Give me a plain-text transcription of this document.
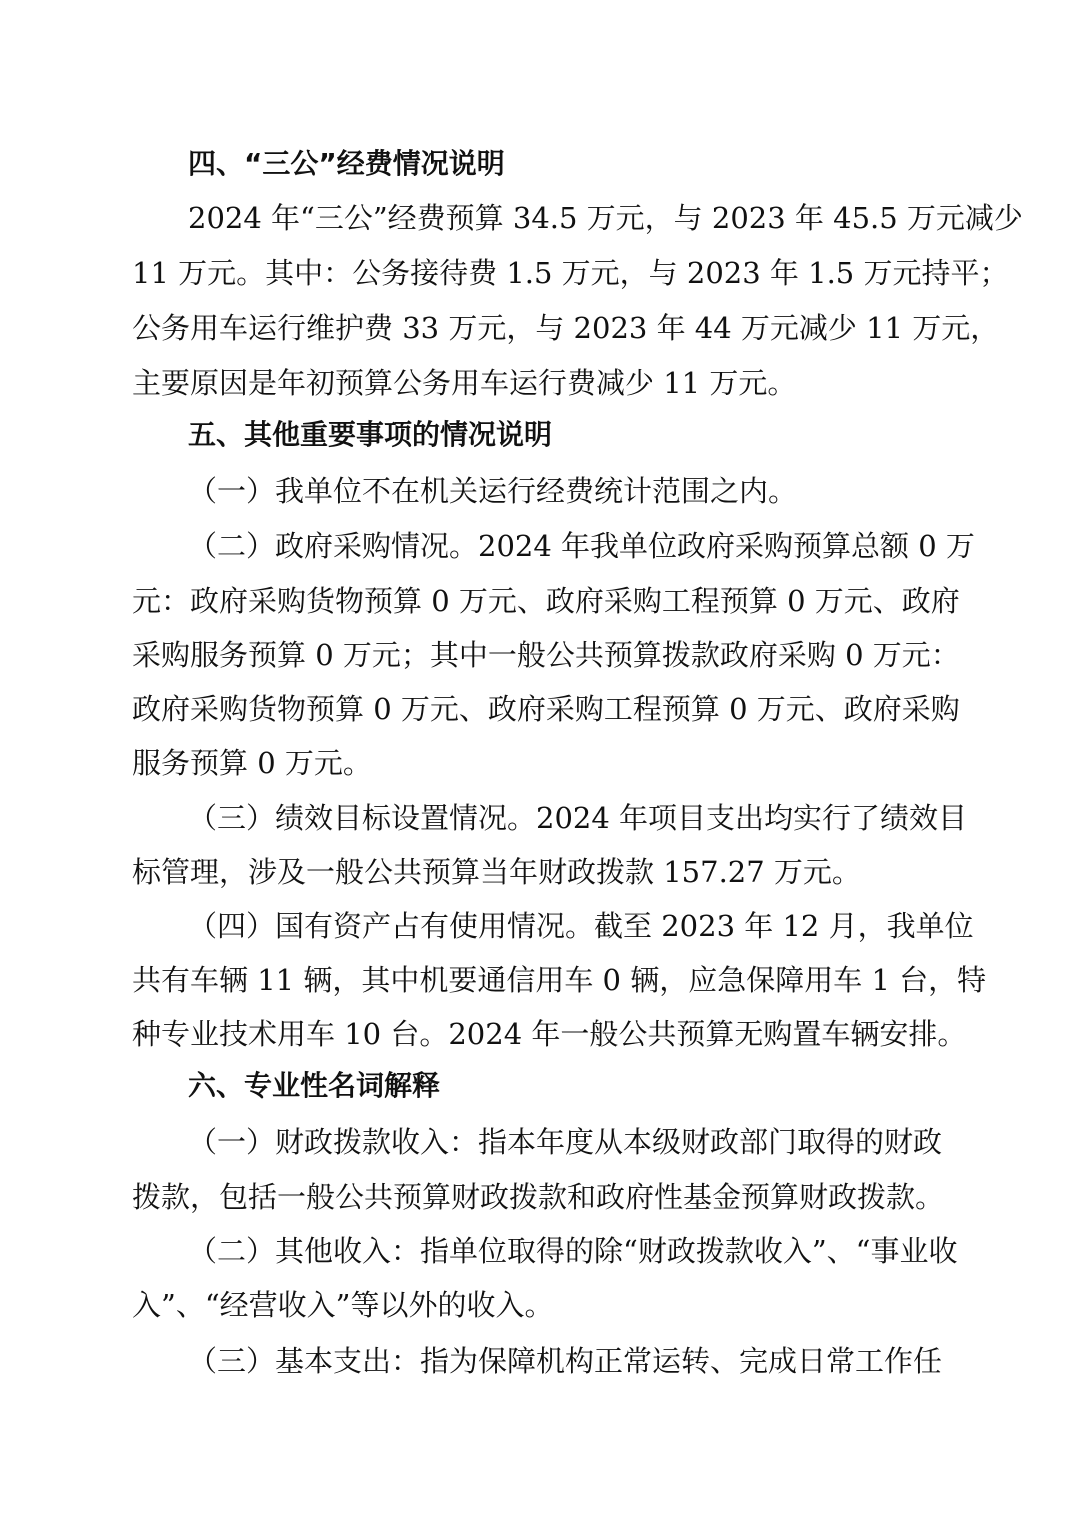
四、“三公”经费情况说明
2024 年“三公”经费预算 34.5 万元，与 2023 年 45.5 万元减少
11 万元。其中：公务接待费 1.5 万元，与 2023 年 1.5 万元持平；
公务用车运行维护费 33 万元，与 2023 年 44 万元减少 11 万元，
主要原因是年初预算公务用车运行费减少 11 万元。
五、其他重要事项的情况说明
（一）我单位不在机关运行经费统计范围之内。
（二）政府采购情况。2024 年我单位政府采购预算总额 0 万
元：政府采购货物预算 0 万元、政府采购工程预算 0 万元、政府
采购服务预算 0 万元；其中一般公共预算拨款政府采购 0 万元：
政府采购货物预算 0 万元、政府采购工程预算 0 万元、政府采购
服务预算 0 万元。
（三）绩效目标设置情况。2024 年项目支出均实行了绩效目
标管理，涉及一般公共预算当年财政拨款 157.27 万元。
（四）国有资产占有使用情况。截至 2023 年 12 月，我单位
共有车辆 11 辆，其中机要通信用车 0 辆，应急保障用车 1 台，特
种专业技术用车 10 台。2024 年一般公共预算无购置车辆安排。
六、专业性名词解释
（一）财政拨款收入：指本年度从本级财政部门取得的财政
拨款，包括一般公共预算财政拨款和政府性基金预算财政拨款。
（二）其他收入：指单位取得的除“财政拨款收入”、“事业收
入”、“经营收入”等以外的收入。
（三）基本支出：指为保障机构正常运转、完成日常工作任
